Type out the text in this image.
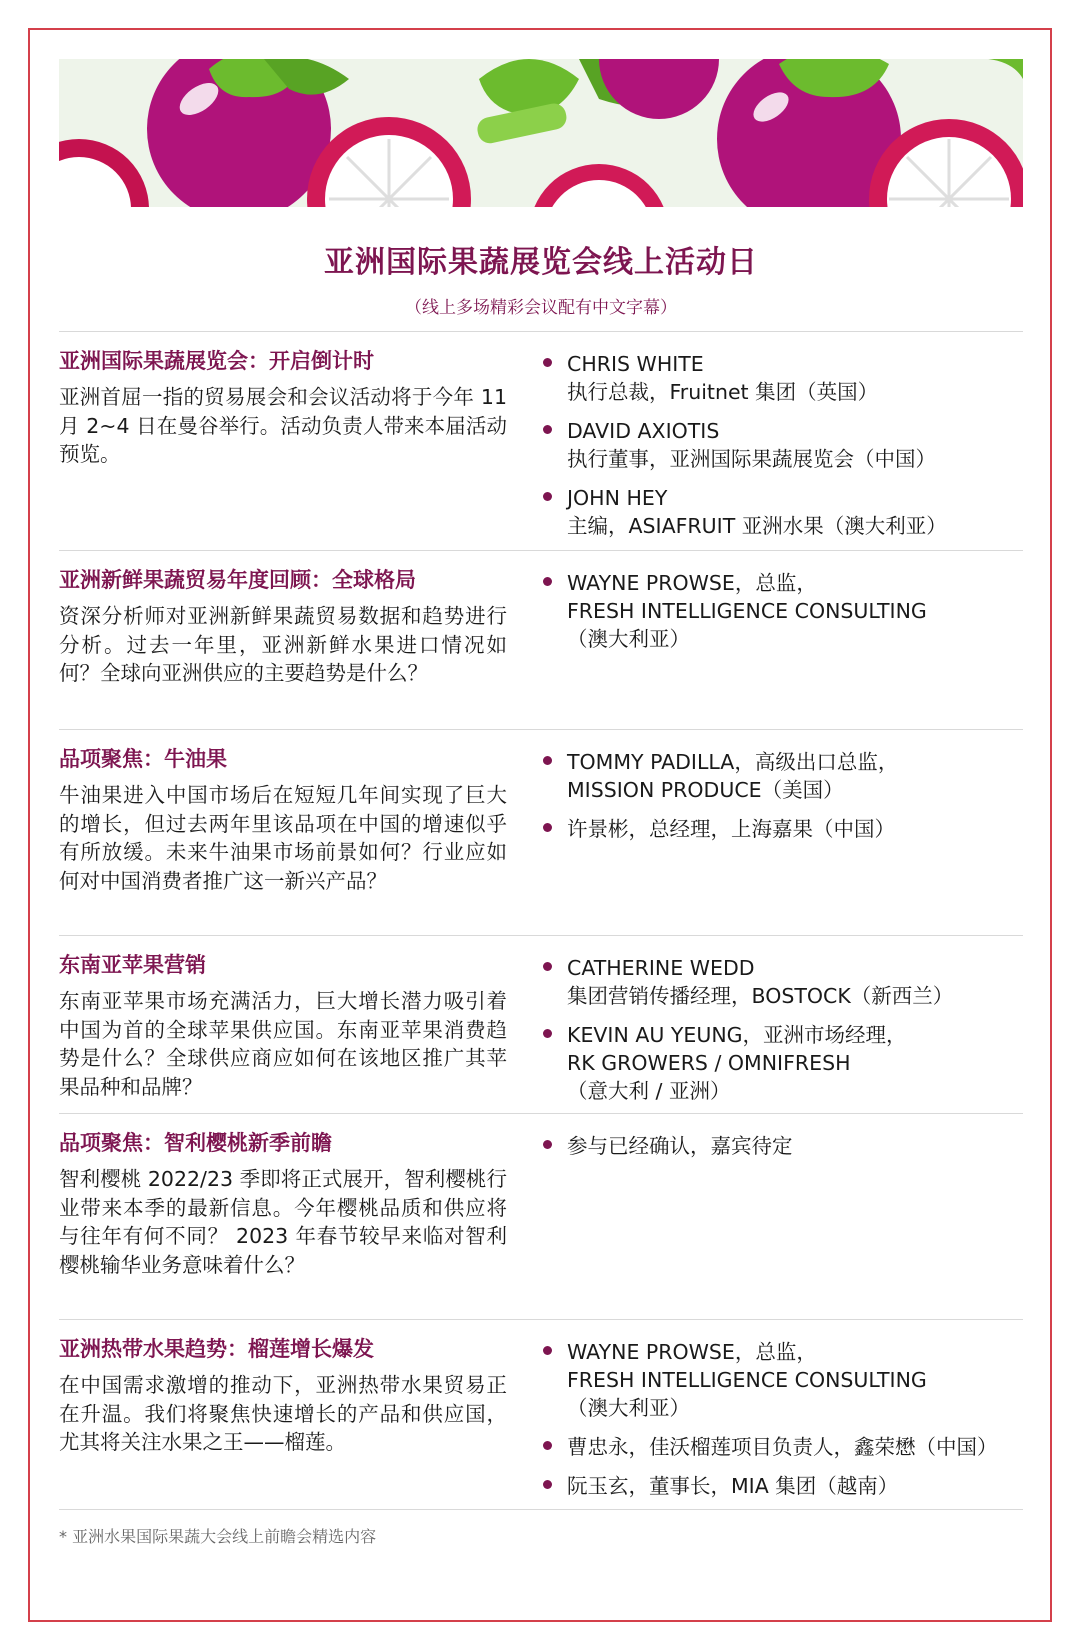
亚洲国际果蔬展览会线上活动日
（线上多场精彩会议配有中文字幕）
亚洲国际果蔬展览会：开启倒计时

亚洲首屈一指的贸易展会和会议活动将于今年 11 月 2~4 日在曼谷举行。活动负责人带来本届活动预览。

CHRIS WHITE
执行总裁，Fruitnet 集团（英国）
DAVID AXIOTIS
执行董事，亚洲国际果蔬展览会（中国）
JOHN HEY
主编，ASIAFRUIT 亚洲水果（澳大利亚）
亚洲新鲜果蔬贸易年度回顾：全球格局

资深分析师对亚洲新鲜果蔬贸易数据和趋势进行分析。过去一年里，亚洲新鲜水果进口情况如何？全球向亚洲供应的主要趋势是什么？

WAYNE PROWSE，总监，
FRESH INTELLIGENCE CONSULTING
（澳大利亚）
品项聚焦：牛油果

牛油果进入中国市场后在短短几年间实现了巨大的增长，但过去两年里该品项在中国的增速似乎有所放缓。未来牛油果市场前景如何？行业应如何对中国消费者推广这一新兴产品？

TOMMY PADILLA，高级出口总监，
MISSION PRODUCE（美国）
许景彬，总经理，上海嘉果（中国）
东南亚苹果营销

东南亚苹果市场充满活力，巨大增长潜力吸引着中国为首的全球苹果供应国。东南亚苹果消费趋势是什么？全球供应商应如何在该地区推广其苹果品种和品牌？

CATHERINE WEDD
集团营销传播经理，BOSTOCK（新西兰）
KEVIN AU YEUNG，亚洲市场经理，
RK GROWERS / OMNIFRESH
（意大利 / 亚洲）
品项聚焦：智利樱桃新季前瞻

智利樱桃 2022/23 季即将正式展开，智利樱桃行业带来本季的最新信息。今年樱桃品质和供应将与往年有何不同？ 2023 年春节较早来临对智利樱桃输华业务意味着什么？

参与已经确认，嘉宾待定
亚洲热带水果趋势：榴莲增长爆发

在中国需求激增的推动下，亚洲热带水果贸易正在升温。我们将聚焦快速增长的产品和供应国，尤其将关注水果之王——榴莲。

WAYNE PROWSE，总监，
FRESH INTELLIGENCE CONSULTING
（澳大利亚）
曹忠永，佳沃榴莲项目负责人，鑫荣懋（中国）
阮玉玄，董事长，MIA 集团（越南）
* 亚洲水果国际果蔬大会线上前瞻会精选内容
